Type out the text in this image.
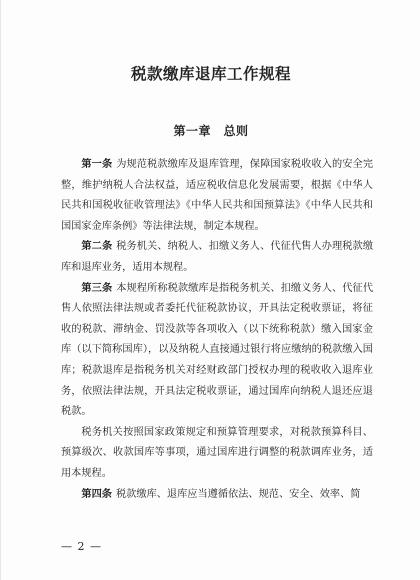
税款缴库退库工作规程
第一章　总则

第一条 为规范税款缴库及退库管理，保障国家税收收入的安全完整，维护纳税人合法权益，适应税收信息化发展需要，根据《中华人民共和国税收征收管理法》《中华人民共和国预算法》《中华人民共和国国家金库条例》等法律法规，制定本规程。

第二条 税务机关、纳税人、扣缴义务人、代征代售人办理税款缴库和退库业务，适用本规程。

第三条 本规程所称税款缴库是指税务机关、扣缴义务人、代征代售人依照法律法规或者委托代征税款协议，开具法定税收票证，将征收的税款、滞纳金、罚没款等各项收入（以下统称税款）缴入国家金库（以下简称国库），以及纳税人直接通过银行将应缴纳的税款缴入国库；税款退库是指税务机关对经财政部门授权办理的税收收入退库业务，依照法律法规，开具法定税收票证，通过国库向纳税人退还应退税款。

税务机关按照国家政策规定和预算管理要求，对税款预算科目、预算级次、收款国库等事项，通过国库进行调整的税款调库业务，适用本规程。

第四条 税款缴库、退库应当遵循依法、规范、安全、效率、简

— 2 —
